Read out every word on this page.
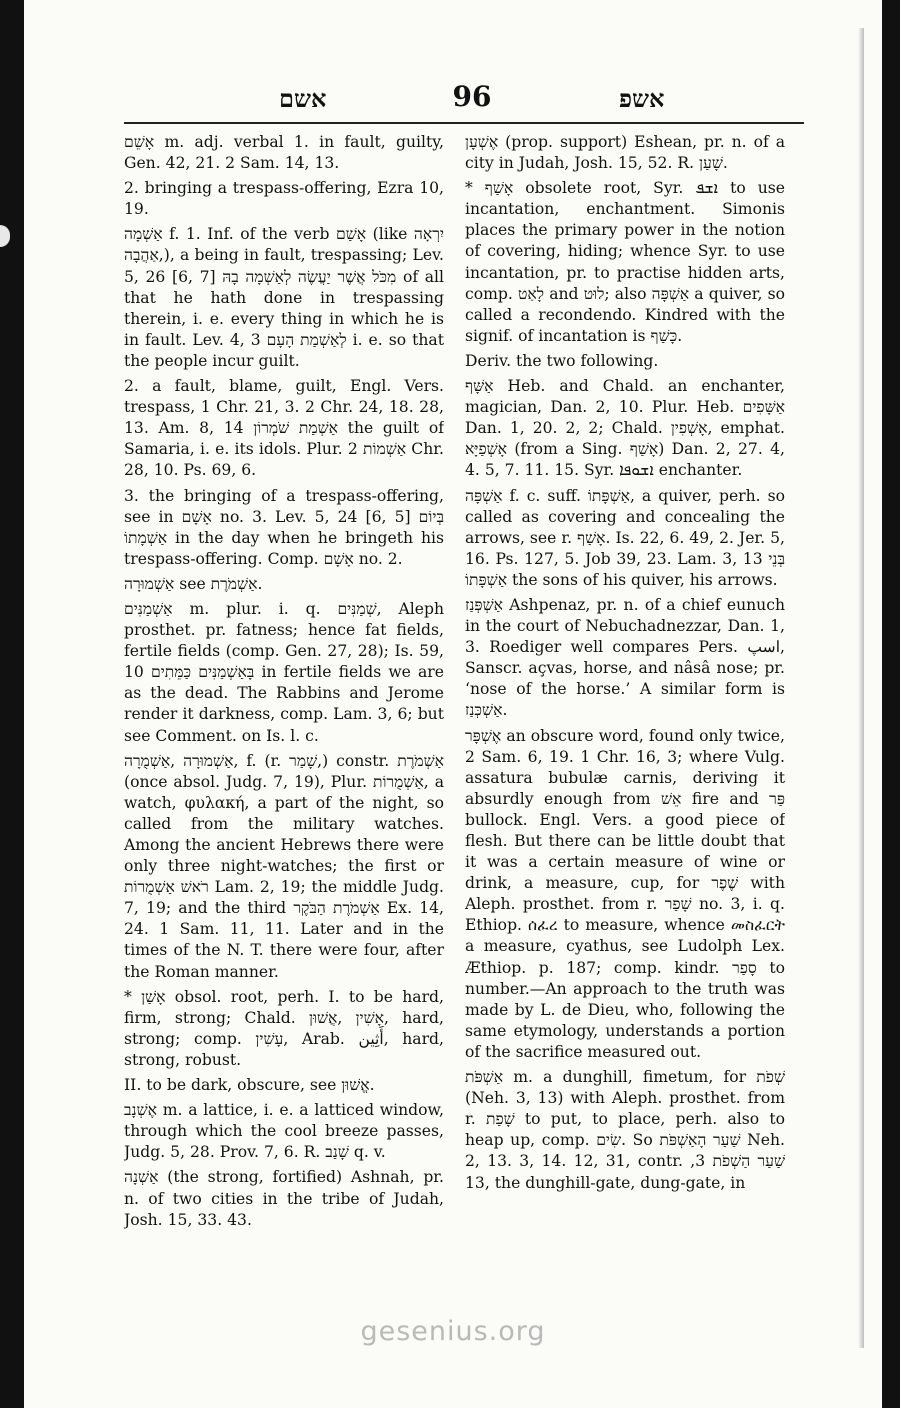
אשם	96	אשפ

אָשֵׁם m. adj. verbal 1. in fault, guilty, Gen. 42, 21. 2 Sam. 14, 13.

2. bringing a trespass-offering, Ezra 10, 19.

אַשְׁמָה f. 1. Inf. of the verb אָשַׁם (like יִרְאָה ,אַהֲבָה), a being in fault, trespassing; Lev. 5, 26 [6, 7] מִכֹּל אֲשֶׁר יַעֲשֶׂה לְאַשְׁמָה בָהּ of all that he hath done in trespassing therein, i. e. every thing in which he is in fault. Lev. 4, 3 לְאַשְׁמַת הָעָם i. e. so that the people incur guilt.

2. a fault, blame, guilt, Engl. Vers. trespass, 1 Chr. 21, 3. 2 Chr. 24, 18. 28, 13. Am. 8, 14 אַשְׁמַת שֹׁמְרוֹן the guilt of Samaria, i. e. its idols. Plur. אַשְׁמוֹת 2 Chr. 28, 10. Ps. 69, 6.

3. the bringing of a trespass-offering, see in אָשָׁם no. 3. Lev. 5, 24 [6, 5] בְּיוֹם אַשְׁמָתוֹ in the day when he bringeth his trespass-offering. Comp. אָשָׁם no. 2.

אַשְׁמוּרָה see אַשְׁמֹרֶת.

אַשְׁמַנִּים m. plur. i. q. שְׁמַנִּים, Aleph prosthet. pr. fatness; hence fat fields, fertile fields (comp. Gen. 27, 28); Is. 59, 10 בָּאַשְׁמַנִּים כַּמֵּתִים in fertile fields we are as the dead. The Rabbins and Jerome render it darkness, comp. Lam. 3, 6; but see Comment. on Is. l. c.

אַשְׁמוּרָה ,אַשְׁמֻרָה, f. (r. שָׁמַר,) constr. אַשְׁמֹרֶת (once absol. Judg. 7, 19), Plur. אַשְׁמֻרוֹת, a watch, φυλακή, a part of the night, so called from the military watches. Among the ancient Hebrews there were only three night-watches; the first or רֹאשׁ אַשְׁמֻרוֹת Lam. 2, 19; the middle Judg. 7, 19; and the third אַשְׁמֹרֶת הַבֹּקֶר Ex. 14, 24. 1 Sam. 11, 11. Later and in the times of the N. T. there were four, after the Roman manner.

* אָשַׁן obsol. root, perh. I. to be hard, firm, strong; Chald. אָשִׁין ,אֲשׁוּן, hard, strong; comp. עָשִׁין, Arab. أَثِين, hard, strong, robust.

II. to be dark, obscure, see אֱשׁוּן.

אֶשְׁנָב m. a lattice, i. e. a latticed window, through which the cool breeze passes, Judg. 5, 28. Prov. 7, 6. R. שָׁנַב q. v.

אַשְׁנָה (the strong, fortified) Ashnah, pr. n. of two cities in the tribe of Judah, Josh. 15, 33. 43.

אֶשְׁעָן (prop. support) Eshean, pr. n. of a city in Judah, Josh. 15, 52. R. שָׁעַן.

* אָשַׁף obsolete root, Syr. ܐܫܦ to use incantation, enchantment. Simonis places the primary power in the notion of covering, hiding; whence Syr. to use incantation, pr. to practise hidden arts, comp. לָאַט and לוּט; also אַשְׁפָּה a quiver, so called a recondendo. Kindred with the signif. of incantation is כָּשַׁף.

Deriv. the two following.

אַשָּׁף Heb. and Chald. an enchanter, magician, Dan. 2, 10. Plur. Heb. אַשָּׁפִים Dan. 1, 20. 2, 2; Chald. אָשְׁפִין, emphat. אָשְׁפַיָּא (from a Sing. אָשַׁף) Dan. 2, 27. 4, 4. 5, 7. 11. 15. Syr. ܐܫܘܦܐ enchanter.

אַשְׁפָּה f. c. suff. אַשְׁפָּתוֹ, a quiver, perh. so called as covering and concealing the arrows, see r. אָשַׁף. Is. 22, 6. 49, 2. Jer. 5, 16. Ps. 127, 5. Job 39, 23. Lam. 3, 13 בְּנֵי אַשְׁפָּתוֹ the sons of his quiver, his arrows.

אַשְׁפְּנַז Ashpenaz, pr. n. of a chief eunuch in the court of Nebuchadnezzar, Dan. 1, 3. Roediger well compares Pers. اسپ, Sanscr. açvas, horse, and nâsâ nose; pr. ‘nose of the horse.’ A similar form is אַשְׁכְּנַז.

אֶשְׁפָּר an obscure word, found only twice, 2 Sam. 6, 19. 1 Chr. 16, 3; where Vulg. assatura bubulæ carnis, deriving it absurdly enough from אֵשׁ fire and פַּר bullock. Engl. Vers. a good piece of flesh. But there can be little doubt that it was a certain measure of wine or drink, a measure, cup, for שֶׁפֶר with Aleph. prosthet. from r. שָׁפַר no. 3, i. q. Ethiop. ሰፈረ to measure, whence መስፈርት a measure, cyathus, see Ludolph Lex. Æthiop. p. 187; comp. kindr. סָפַר to number.—An approach to the truth was made by L. de Dieu, who, following the same etymology, understands a portion of the sacrifice measured out.

אַשְׁפֹּת m. a dunghill, fimetum, for שְׁפֹת (Neh. 3, 13) with Aleph. prosthet. from r. שָׁפַת to put, to place, perh. also to heap up, comp. שִׂים. So שַׁעַר הָאַשְׁפֹּת Neh. 2, 13. 3, 14. 12, 31, contr. שַׁעַר הַשְׁפֹת 3, 13, the dunghill-gate, dung-gate, in

gesenius.org
